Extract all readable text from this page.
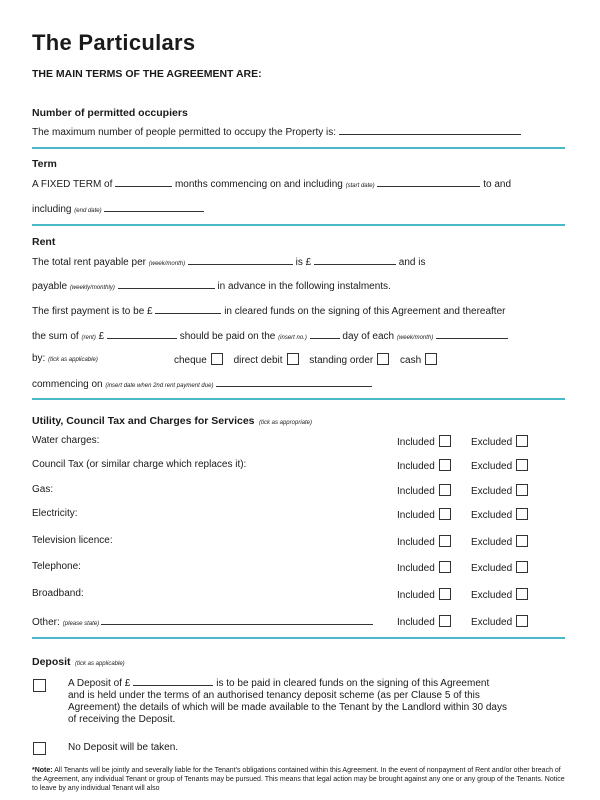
The Particulars
THE MAIN TERMS OF THE AGREEMENT ARE:
Number of permitted occupiers
The maximum number of people permitted to occupy the Property is:
Term
A FIXED TERM of	months commencing on and including (start date)	to and
including (end date)
Rent
The total rent payable per (week/month)	is £	and is
payable (weekly/monthly)	in advance in the following instalments.
The first payment is to be £	in cleared funds on the signing of this Agreement and thereafter
the sum of (rent) £	should be paid on the (insert no.)	day of each (week/month)
by: (tick as applicable)	cheque	direct debit	standing order	cash
commencing on (insert date when 2nd rent payment due)
Utility, Council Tax and Charges for Services (tick as appropriate)
Water charges:	Included	Excluded
Council Tax (or similar charge which replaces it):	Included	Excluded
Gas:	Included	Excluded
Electricity:	Included	Excluded
Television licence:	Included	Excluded
Telephone:	Included	Excluded
Broadband:	Included	Excluded
Other: (please state)	Included	Excluded
Deposit (tick as applicable)
A Deposit of £	is to be paid in cleared funds on the signing of this Agreement
and is held under the terms of an authorised tenancy deposit scheme (as per Clause 5 of this
Agreement) the details of which will be made available to the Tenant by the Landlord within 30 days
of receiving the Deposit.
No Deposit will be taken.
*Note: All Tenants will be jointly and severally liable for the Tenant's obligations contained within this Agreement. In the event of nonpayment of Rent and/or other breach of the Agreement, any individual Tenant or group of Tenants may be pursued. This means that legal action may be brought against any one or any group of the Tenants. Notice to leave by any individual Tenant will also
